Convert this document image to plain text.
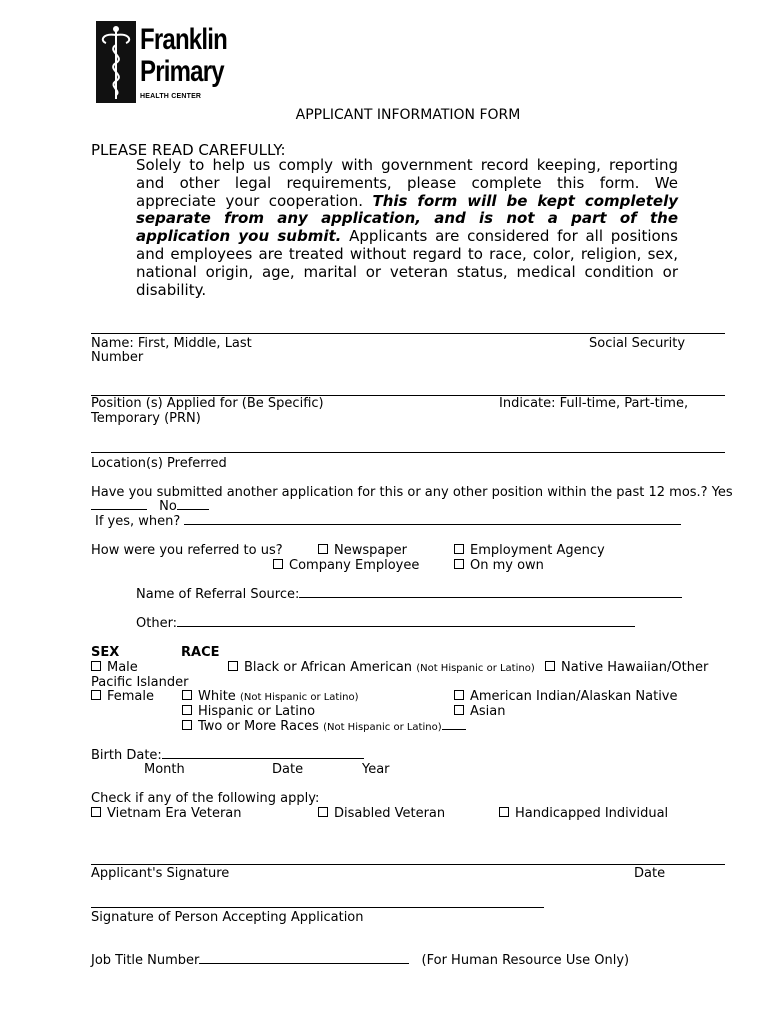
Franklin
Primary
HEALTH CENTER
APPLICANT INFORMATION FORM
PLEASE READ CAREFULLY:
Solely to help us comply with government record keeping, reporting and other legal requirements, please complete this form. We appreciate your cooperation. This form will be kept completely separate from any application, and is not a part of the application you submit. Applicants are considered for all positions and employees are treated without regard to race, color, religion, sex, national origin, age, marital or veteran status, medical condition or disability.
Name: First, Middle, Last	Social Security
Number
Position (s) Applied for (Be Specific)	Indicate: Full-time, Part-time,
Temporary (PRN)
Location(s) Preferred
Have you submitted another application for this or any other position within the past 12 mos.? Yes
No
If yes, when?
How were you referred to us?	Newspaper	Employment Agency
Company Employee	On my own
Name of Referral Source:
Other:
SEX	RACE
Male	Black or African American (Not Hispanic or Latino)	Native Hawaiian/Other
Pacific Islander
Female	White (Not Hispanic or Latino)	American Indian/Alaskan Native
Hispanic or Latino	Asian
Two or More Races (Not Hispanic or Latino)
Birth Date:
Month	Date	Year
Check if any of the following apply:
Vietnam Era Veteran	Disabled Veteran	Handicapped Individual
Applicant's Signature	Date
Signature of Person Accepting Application
Job Title Number	(For Human Resource Use Only)
